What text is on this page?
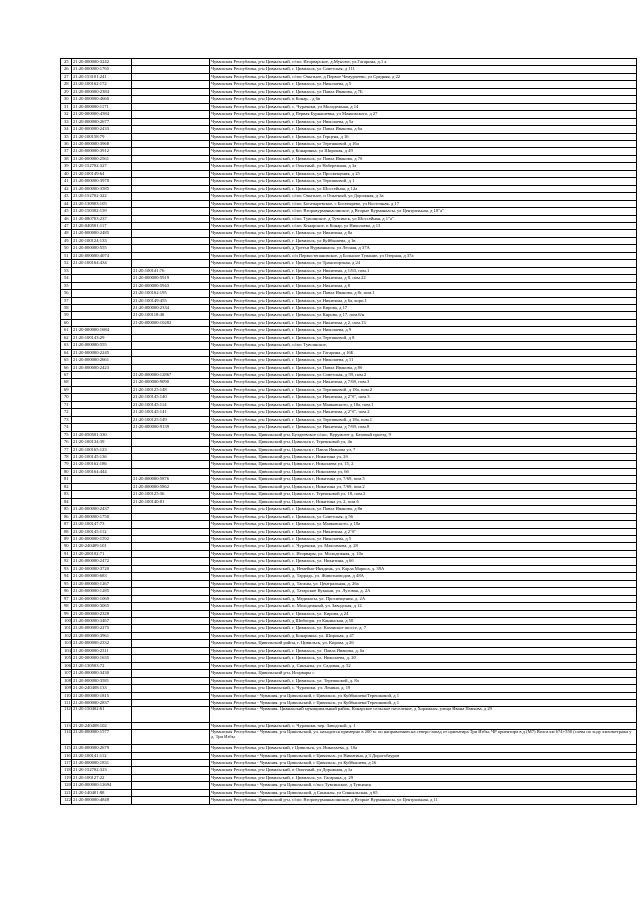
25	21:20:000000:3242		Чувашская Республика, р-н Цивильский, с/пос Игорварское, д.Мунсют, ул.Гагарина, д.1 а
26	21:20:000000:1765		Чувашская Республика, р-н Цивильский, г. Цивильск, ул Советская, д 111
27	21:20:153101:241		Чувашская Республика, р-н Цивильский, с/пос Опытное, д Первое Чемурчеево, ул Средняя, д 22
28	21:20:100162:172		Чувашская Республика, р-н Цивильский, г. Цивильск, ул Николаева, д 5
29	21:20:000000:2384		Чувашская Республика, р-н Цивильский, г. Цивильск, ул Павла Иванова, д 7Б
30	21:20:000000:4660		Чувашская Республика, р-н Цивильский, п Конар, , д 6в
31	21:20:000000:1171		Чувашская Республика, р-н Цивильский, с. Чурачики, ул Молодежная, д 14
32	21:20:000000:4584		Чувашская Республика, р-н Цивильский, д Первая Бурнашевка, ул Маяковского, д 27
33	21:20:000000:2677		Чувашская Республика, р-н Цивильский, г. Цивильск, ул Николаева, д 5а
34	21:20:000000:2433		Чувашская Республика, р-н Цивильский, г. Цивильск, ул Павла Иванова, д 6а
35	21:20:100158:79		Чувашская Республика, р-н Цивильский, г. Цивильск, ул Герцена, д 16
36	21:20:000000:3968		Чувашская Республика, р-н Цивильский, г. Цивильск, ул Терешковой, д 16а
37	21:20:000000:3912		Чувашская Республика, р-н Цивильский, д Конаринка, ул Широкая, д 49
38	21:20:000000:2561		Чувашская Республика, р-н Цивильский, г. Цивильск, ул Павла Иванова, д 7б
39	21:20:152702:327		Чувашская Республика, р-н Цивильский, п Опытный, ул Набережная, д 3а
40	21:20:100149:64		Чувашская Республика, р-н Цивильский, г. Цивильск, ул Просвещения, д 25
41	21:20:000000:3978		Чувашская Республика, р-н Цивильский, г. Цивильск, ул Терешковой, д 1
42	21:20:000000:3585		Чувашская Республика, р-н Цивильский, г. Цивильск, ул Шоссейная, д 12а
43	21:20:152702:322		Чувашская Республика, р-н Цивильский, с/пос Опытное, п Опытный, ул Дорожная, д 3а
44	21:20:130903:105		Чувашская Республика, р-н Цивильский, с/пос Богатыревское, с Богатырево, ул Восточная, д 17
45	21:20:150302:159		Чувашская Республика, р-н Цивильский, с/пос Второвурманкасинское, д Вторые Вурманкасы, ул Центральная, д 10"а"
46	21:20:080703:237		Чувашская Республика, р-н Цивильский, с/пос Тувсинское, д Тувсинск, ул Шоссейная, д 1"а"
47	21:20:040501:117		Чувашская Республика, р-н Цивильский, с/пос Конарское, п Конар, ул Николаева, д 13
48	21:20:000000:2485		Чувашская Республика, р-н Цивильский, г. Цивильск, ул Никитина, д 8а
49	21:20:100124:133		Чувашская Республика, р-н Цивильский, г. Цивильск, ул Куйбышева, д 1в
50	21:20:000000:555		Чувашская Республика, р-н Цивильский, д Третьи Вурманкасы, ул Лесная, д 37А
51	21:20:000000:4074		Чувашская Республика, р-н Цивильский, с/п Первостепановское, д Большое Тувание, ул Озерная, д 37а
52	21:20:100164:434		Чувашская Республика, р-н Цивильский, г. Цивильск, ул Транспортная, д 24
53		21:20:100141:76	Чувашская Республика, р-н Цивильский, г. Цивильск, ул Никитина, д 1/63, пом.1
54		21:20:000000:5919	Чувашская Республика, р-н Цивильский, г. Цивильск, ул Никитина, д 8, пом.22
55		21:20:000000:5943	Чувашская Республика, р-н Цивильский, г. Цивильск, ул Никитина, д 8
56		21:20:100162:195	Чувашская Республика, р-н Цивильский, г. Цивильск, ул Павла Иванова, д 8г, пом.1
57		21:20:100149:455	Чувашская Республика, р-н Цивильский, г. Цивильск, ул Никитина, д 6а, корп.1
58		21:20:000000:2334	Чувашская Республика, р-н Цивильский, г. Цивильск, ул Кирова, д 17
59		21:20:100118:40	Чувашская Республика, р-н Цивильский, г. Цивильск, ул Кирова, д 17, пом.6/н
60		21:20:000000:10282	Чувашская Республика, р-н Цивильский, г. Цивильск, ул Никитина, д 2, пом.13
61	21:20:000000:1684		Чувашская Республика, р-н Цивильский, г. Цивильск, ул Николаева, д 9
62	21:20:100143:29		Чувашская Республика, р-н Цивильский, г. Цивильск, ул Терешковой, д 8
63	21:20:000000:555		Чувашская Республика, р-н Цивильский, с/пос Тувсинское,
64	21:20:000000:2245		Чувашская Республика, р-н Цивильский, г. Цивильск, ул Гагарина, д 16Б
65	21:20:000000:2661		Чувашская Республика, р-н Цивильский, г. Цивильск, ул Николаева, д 11
66	21:20:000000:2423		Чувашская Республика, р-н Цивильский, г. Цивильск, ул Павла Иванова, д 8б
67		21:20:000000:12867	Чувашская Республика, р-н Цивильский, г. Цивильск, ул Советская, д 59, пом.2
68		21:20:000000:9090	Чувашская Республика, р-н Цивильский, г. Цивильск, ул Никитина, д 7/69, пом.3
69		21:20:100125:148	Чувашская Республика, р-н Цивильский, г. Цивильск, ул Терешковой, д 18а, пом.2
70		21:20:100145:140	Чувашская Республика, р-н Цивильский, г. Цивильск, ул Никитина, д 2"б", пом.3
71		21:20:100145:114	Чувашская Республика, р-н Цивильский, г. Цивильск, ул Маяковского, д 18а, пом.1
72		21:20:100145:141	Чувашская Республика, р-н Цивильский, г. Цивильск, ул Никитина, д 2"б", пом.2
73		21:20:100125:149	Чувашская Республика, р-н Цивильский, г. Цивильск, ул Терешковой, д 18а, пом.1
74		21:20:000000:9139	Чувашская Республика, р-н Цивильский, г. Цивильск, ул Никитина, д 7/69, пом.8
75	21:20:050501:330		Чувашская Республика, Цивильский р-н, Булдеевское с/пос, Вурумсют д, Базовый проезд, 9
76	21:20:100134:39		Чувашская Республика, Цивильский р-н, Цивильск г, Терешковой ул, 4в
77	21:20:100165:123		Чувашская Республика, Цивильский р-н, Цивильск г, Павла Иванова ул, 7
78	21:20:100145:136		Чувашская Республика, Цивильский р-н, Цивильск г, Никитина ул, 2б
79	21:20:100162:186		Чувашская Республика, Цивильский р-н, Цивильск г, Николаева ул, 15, 2
80	21:20:100164:444		Чувашская Республика, Цивильский р-н, Цивильск г, Николаева ул, 6б
81		21:20:000000:5876	Чувашская Республика, Цивильский р-н, Цивильск г, Никитина ул, 7/69, пом.5
82		21:20:000000:5862	Чувашская Республика, Цивильский р-н, Цивильск г, Никитина ул, 7/69, пом.2
83		21:20:100125:36	Чувашская Республика, Цивильский р-н, Цивильск г, Терешковой ул, 18, пом.2
84		21:20:100140:81	Чувашская Республика, Цивильский р-н, Цивильск г, Никитина ул, 2, пом.6
85	21:20:000000:2437		Чувашская Республика, р-н Цивильский, г. Цивильск, ул Павла Иванова, д 8в
86	21:20:000000:1750		Чувашская Республика, р-н Цивильский, г. Цивильск, ул Советская, д 56
87	21:20:100147:73		Чувашская Республика, р-н Цивильский, г. Цивильск, ул Маяковского, д 18а
88	21:20:100145:112		Чувашская Республика, р-н Цивильский, г. Цивильск, ул Никитина, д 2"б"
89	21:20:000000:1592		Чувашская Республика, р-н Цивильский, г. Цивильск, ул Николаева, д 5
90	21:20:240409:101		Чувашская Республика, р-н Цивильский, с. Чурачики, ул. Максимова, д. 28
91	21:20:200102:71		Чувашская Республика, р-н Цивильский, с. Игорвары, ул. Молодежная, д. 10а
92	21:20:000000:2472		Чувашская Республика, р-н Цивильский, г. Цивильск, ул. Никитина, д 6б
93	21:20:000000:3720		Чувашская Республика, р-н Цивильский, д. Немейно-Инкдинь, ул. Карла Маркса, д. 39А
94	21:20:000000:683		Чувашская Республика, р-н Цивильский, д. Таррадь, ул. Животноводов, д 48А
95	21:20:000000:1267		Чувашская Республика, р-н Цивильский, д. Таганы, ул. Центральная, д. 26а
96	21:20:000000:1285		Чувашская Республика, р-н Цивильский, д. Татарские Кукшни, ул. Луговая, д. 2А
97	21:20:000000:1069		Чувашская Республика, р-н Цивильский, д. Медикасы, ул. Просвещения, д. 2А
98	21:20:000000:3065		Чувашская Республика, р-н Цивильский, п. Молодежный, ул. Заводская, д 12
99	21:20:000000:2328		Чувашская Республика, р-н Цивильский, г. Цивильск, ул. Кирова, д 24
100	21:20:000000:3467		Чувашская Республика, р-н Цивильский, д Шибоори, ул Канинская, д 50
101	21:20:000000:2275		Чувашская Республика, р-н Цивильский, г. Цивильск, ул. Казанское шоссе, д. 7
102	21:20:000000:3961		Чувашская Республика, р-н Цивильский, д Конаринка, ул. Широкая, д 47
103	21:20:000000:2332		Чувашская Республика, Цивильский район, г. Цивильск, ул. Кирова, д 26
104	21:20:000000:2311		Чувашская Республика, р-н Цивильский, г. Цивильск, ул. Павла Иванова, д. 6а
105	21:20:000000:1635		Чувашская Республика, р-н Цивильский, г. Цивильск, ул. Николаева, д. 20
106	21:20:130503:72		Чувашская Республика, р-н Цивильский, д. Синьялы, ул. Садовая, д. 52
107	21:20:000000:3430		Чувашская Республика, Цивильский р-н, Игорвары с
108	21:20:000000:3581		Чувашская Республика, р-н Цивильский, г. Цивильск, ул. Терешковой, д. 8а
109	21:20:240408:133		Чувашская Республика, р-н Цивильский, с. Чурачики, ул. Ленина, д. 19
110	21:20:000000:1815		Чувашская Республика - Чувашия, р-н Цивильский, г Цивильск, ул Куйбышева/Терешковой, д 1
111	21:20:000000:2837		Чувашская Республика - Чувашия, р-н Цивильский, г Цивильск, ул Куйбышева/Терешковой, д 1
112	21:20:150402:61		Чувашская Республика - Чувашия, Цивильский муниципальный район, Конарское сельское поселение, д Хорамалы, улица Ивана Павлова, д 29
113	21:20:240408:102		Чувашская Республика, р-н Цивильский, с. Чурачики, пер. Заводской, д. 1
114	21:20:000000:1577		Чувашская Республика - Чувашия, р-н Цивильский, ул. находится примерно в 200 м. по направлению на северо-запад от ориентира Три Избы, ЧР ориентира в д (М7) Волга км 674+550 (слева по ходу километража у д. Три Избы
115	21:20:000000:2679		Чувашская Республика, р-н Цивильский, г Цивильск, ул. Николаева, д. 10а
116	21:20:100141:112		Чувашская Республика - Чувашия, р-н Цивильский, г Цивильск, ул Никитина, д 3 Дорогобауров
117	21:20:000000:1831		Чувашская Республика - Чувашия, р-н Цивильский, г Цивильск, ул Куйбышева, д 16
118	21:20:152702:323		Чувашская Республика, р-н Цивильский, п Опытный, ул Дорожная, д 1а
119	21:20:100127:22		Чувашская Республика, р-н Цивильский, г. Цивильск, ул. Гагарина, д. 29
120	21:20:000000:12694		Чувашская Республика - Чувашия, р-н Цивильский, с/пос Тувсинское, д Тувсинск
121	21:20:140401:88		Чувашская Республика - Чувашия, р-н Цивильский, д Синьялы, ул Синьяльская, д 65
122	21:20:000000:4848		Чувашская Республика, Цивильский р-н, с/пос Второвурманкасинское, д Вторые Вурманкасы, ул Центральная, д 11
